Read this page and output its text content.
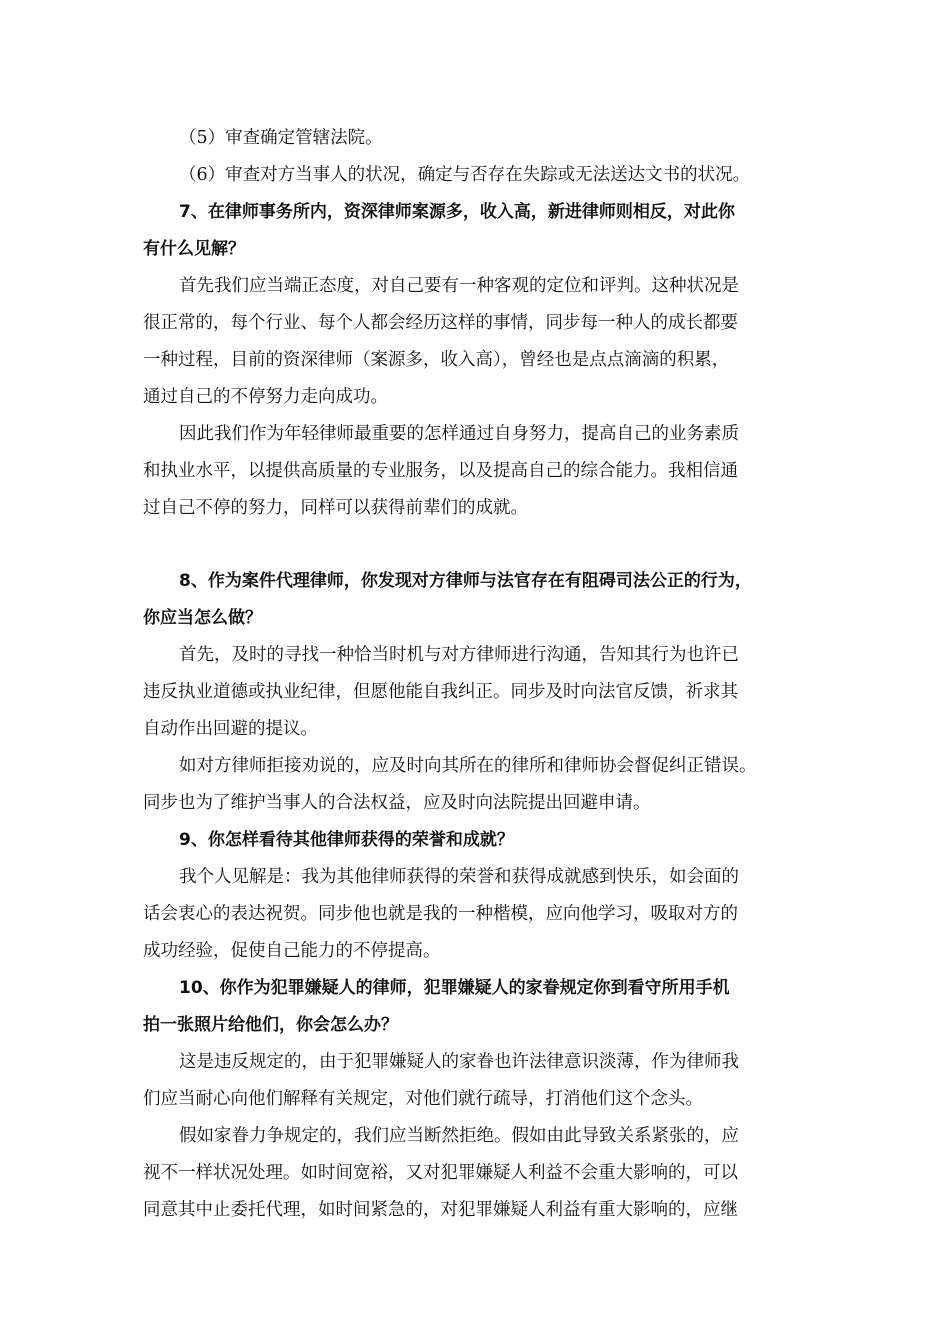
（5）审查确定管辖法院。
（6）审查对方当事人的状况，确定与否存在失踪或无法送达文书的状况。
7、在律师事务所内，资深律师案源多，收入高，新进律师则相反，对此你
有什么见解？
首先我们应当端正态度，对自己要有一种客观的定位和评判。这种状况是
很正常的，每个行业、每个人都会经历这样的事情，同步每一种人的成长都要
一种过程，目前的资深律师（案源多，收入高），曾经也是点点滴滴的积累，
通过自己的不停努力走向成功。
因此我们作为年轻律师最重要的怎样通过自身努力，提高自己的业务素质
和执业水平，以提供高质量的专业服务，以及提高自己的综合能力。我相信通
过自己不停的努力，同样可以获得前辈们的成就。
8、作为案件代理律师，你发现对方律师与法官存在有阻碍司法公正的行为，
你应当怎么做？
首先，及时的寻找一种恰当时机与对方律师进行沟通，告知其行为也许已
违反执业道德或执业纪律，但愿他能自我纠正。同步及时向法官反馈，祈求其
自动作出回避的提议。
如对方律师拒接劝说的，应及时向其所在的律所和律师协会督促纠正错误。
同步也为了维护当事人的合法权益，应及时向法院提出回避申请。
9、你怎样看待其他律师获得的荣誉和成就？
我个人见解是：我为其他律师获得的荣誉和获得成就感到快乐，如会面的
话会衷心的表达祝贺。同步他也就是我的一种楷模，应向他学习，吸取对方的
成功经验，促使自己能力的不停提高。
10、你作为犯罪嫌疑人的律师，犯罪嫌疑人的家眷规定你到看守所用手机
拍一张照片给他们，你会怎么办？
这是违反规定的，由于犯罪嫌疑人的家眷也许法律意识淡薄，作为律师我
们应当耐心向他们解释有关规定，对他们就行疏导，打消他们这个念头。
假如家眷力争规定的，我们应当断然拒绝。假如由此导致关系紧张的，应
视不一样状况处理。如时间宽裕，又对犯罪嫌疑人利益不会重大影响的，可以
同意其中止委托代理，如时间紧急的，对犯罪嫌疑人利益有重大影响的，应继
